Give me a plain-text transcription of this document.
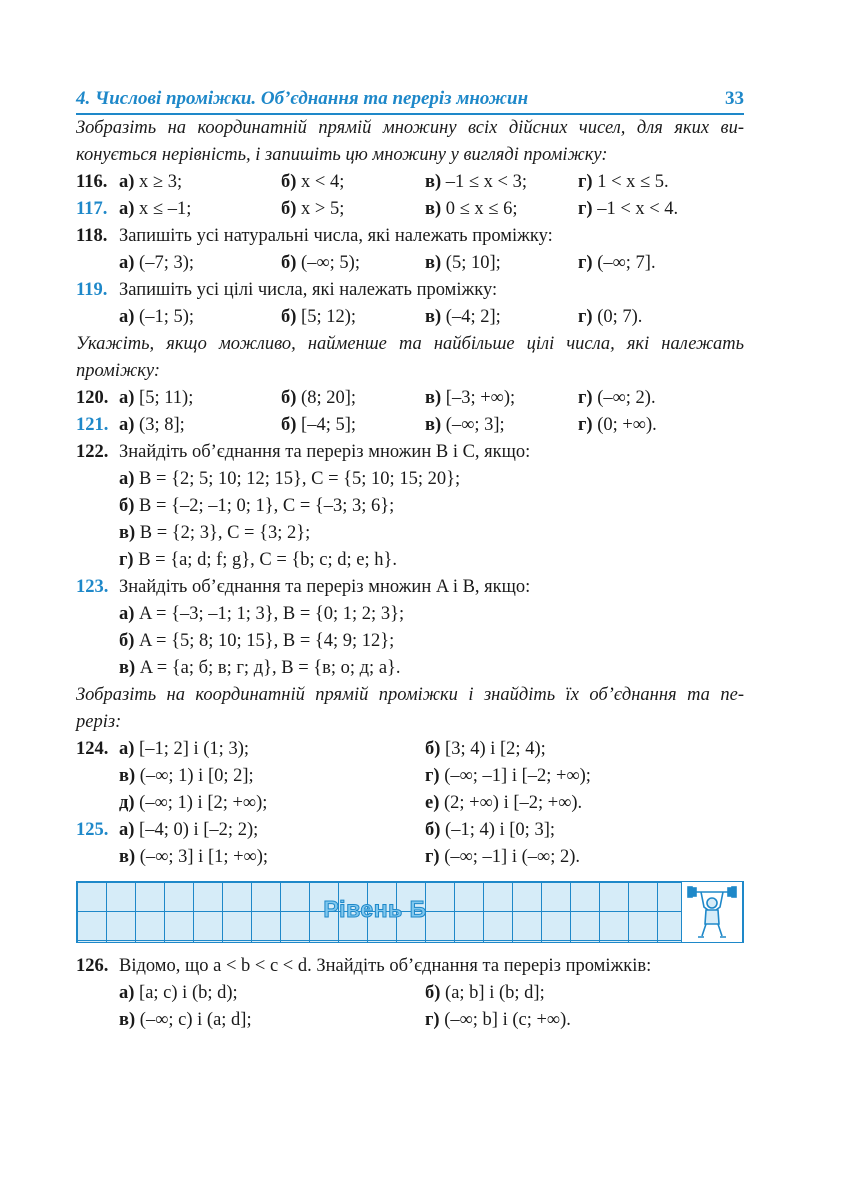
4. Числові проміжки. Об’єднання та переріз множин	33
Зобразіть на координатній прямій множину всіх дійсних чисел, для яких ви-
конується нерівність, і запишіть цю множину у вигляді проміжку:
116. а) x ≥ 3;	б) x < 4;	в) –1 ≤ x < 3;	г) 1 < x ≤ 5.
117. а) x ≤ –1;	б) x > 5;	в) 0 ≤ x ≤ 6;	г) –1 < x < 4.
118. Запишіть усі натуральні числа, які належать проміжку:
а) (–7; 3);	б) (–∞; 5);	в) (5; 10];	г) (–∞; 7].
119. Запишіть усі цілі числа, які належать проміжку:
а) (–1; 5);	б) [5; 12);	в) (–4; 2];	г) (0; 7).
Укажіть, якщо можливо, найменше та найбільше цілі числа, які належать
проміжку:
120. а) [5; 11);	б) (8; 20];	в) [–3; +∞);	г) (–∞; 2).
121. а) (3; 8];	б) [–4; 5];	в) (–∞; 3];	г) (0; +∞).
122. Знайдіть об’єднання та переріз множин B і C, якщо:
а) B = {2; 5; 10; 12; 15}, C = {5; 10; 15; 20};
б) B = {–2; –1; 0; 1}, C = {–3; 3; 6};
в) B = {2; 3}, C = {3; 2};
г) B = {a; d; f; g}, C = {b; c; d; e; h}.
123. Знайдіть об’єднання та переріз множин A і B, якщо:
а) A = {–3; –1; 1; 3}, B = {0; 1; 2; 3};
б) A = {5; 8; 10; 15}, B = {4; 9; 12};
в) A = {а; б; в; г; д}, B = {в; о; д; а}.
Зобразіть на координатній прямій проміжки і знайдіть їх об’єднання та пе-
реріз:
124. а) [–1; 2] і (1; 3);	б) [3; 4) і [2; 4);
в) (–∞; 1) і [0; 2];	г) (–∞; –1] і [–2; +∞);
д) (–∞; 1) і [2; +∞);	е) (2; +∞) і [–2; +∞).
125. а) [–4; 0) і [–2; 2);	б) (–1; 4) і [0; 3];
в) (–∞; 3] і [1; +∞);	г) (–∞; –1] і (–∞; 2).
Рівень Б
126. Відомо, що a < b < c < d. Знайдіть об’єднання та переріз проміжків:
а) [a; c) і (b; d);	б) (a; b] і (b; d];
в) (–∞; c) і (a; d];	г) (–∞; b] і (c; +∞).
